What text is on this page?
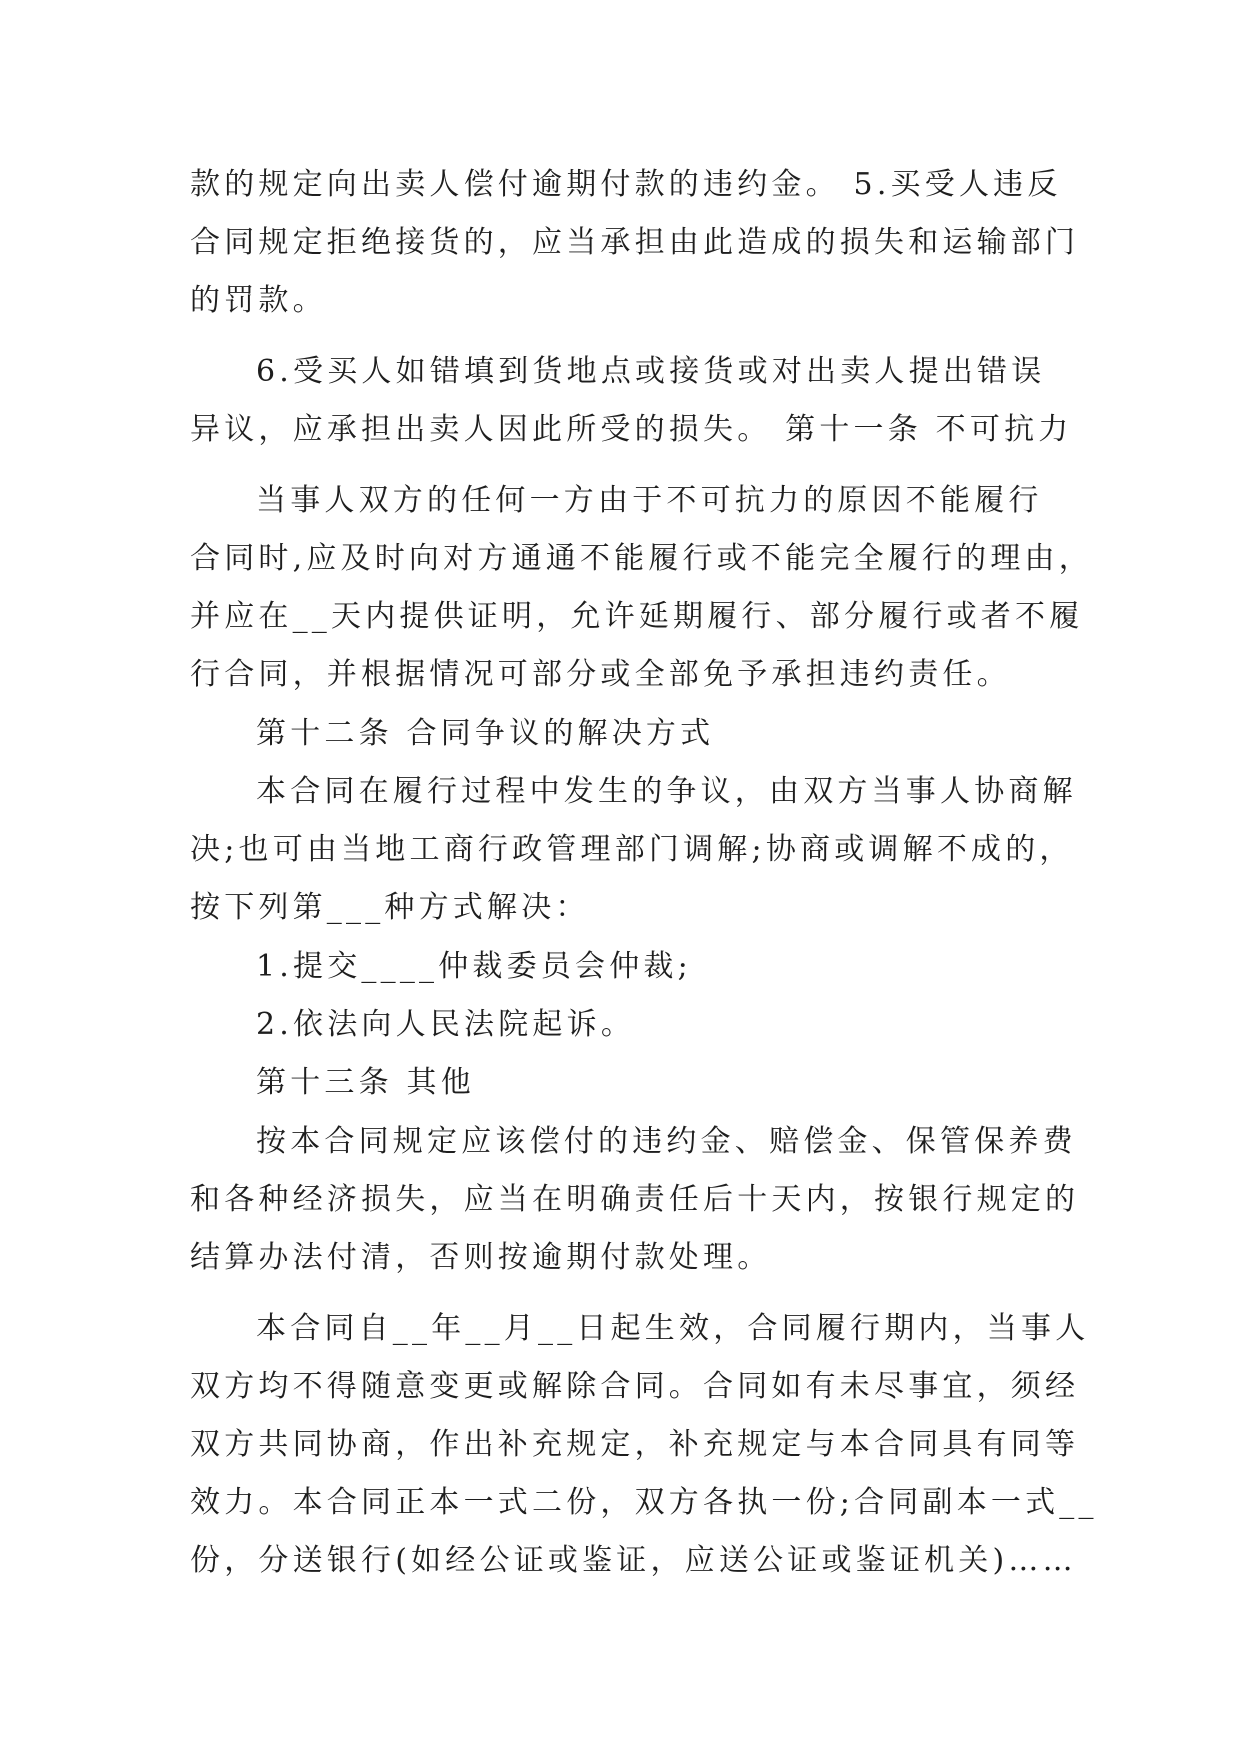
款的规定向出卖人偿付逾期付款的违约金。 5.买受人违反
合同规定拒绝接货的，应当承担由此造成的损失和运输部门
的罚款。
6.受买人如错填到货地点或接货或对出卖人提出错误
异议，应承担出卖人因此所受的损失。 第十一条 不可抗力
当事人双方的任何一方由于不可抗力的原因不能履行
合同时,应及时向对方通通不能履行或不能完全履行的理由，
并应在__天内提供证明，允许延期履行、部分履行或者不履
行合同，并根据情况可部分或全部免予承担违约责任。
第十二条 合同争议的解决方式
本合同在履行过程中发生的争议，由双方当事人协商解
决;也可由当地工商行政管理部门调解;协商或调解不成的，
按下列第___种方式解决：
1.提交____仲裁委员会仲裁;
2.依法向人民法院起诉。
第十三条 其他
按本合同规定应该偿付的违约金、赔偿金、保管保养费
和各种经济损失，应当在明确责任后十天内，按银行规定的
结算办法付清，否则按逾期付款处理。
本合同自__年__月__日起生效，合同履行期内，当事人
双方均不得随意变更或解除合同。合同如有未尽事宜，须经
双方共同协商，作出补充规定，补充规定与本合同具有同等
效力。本合同正本一式二份，双方各执一份;合同副本一式__
份，分送银行(如经公证或鉴证，应送公证或鉴证机关)……
